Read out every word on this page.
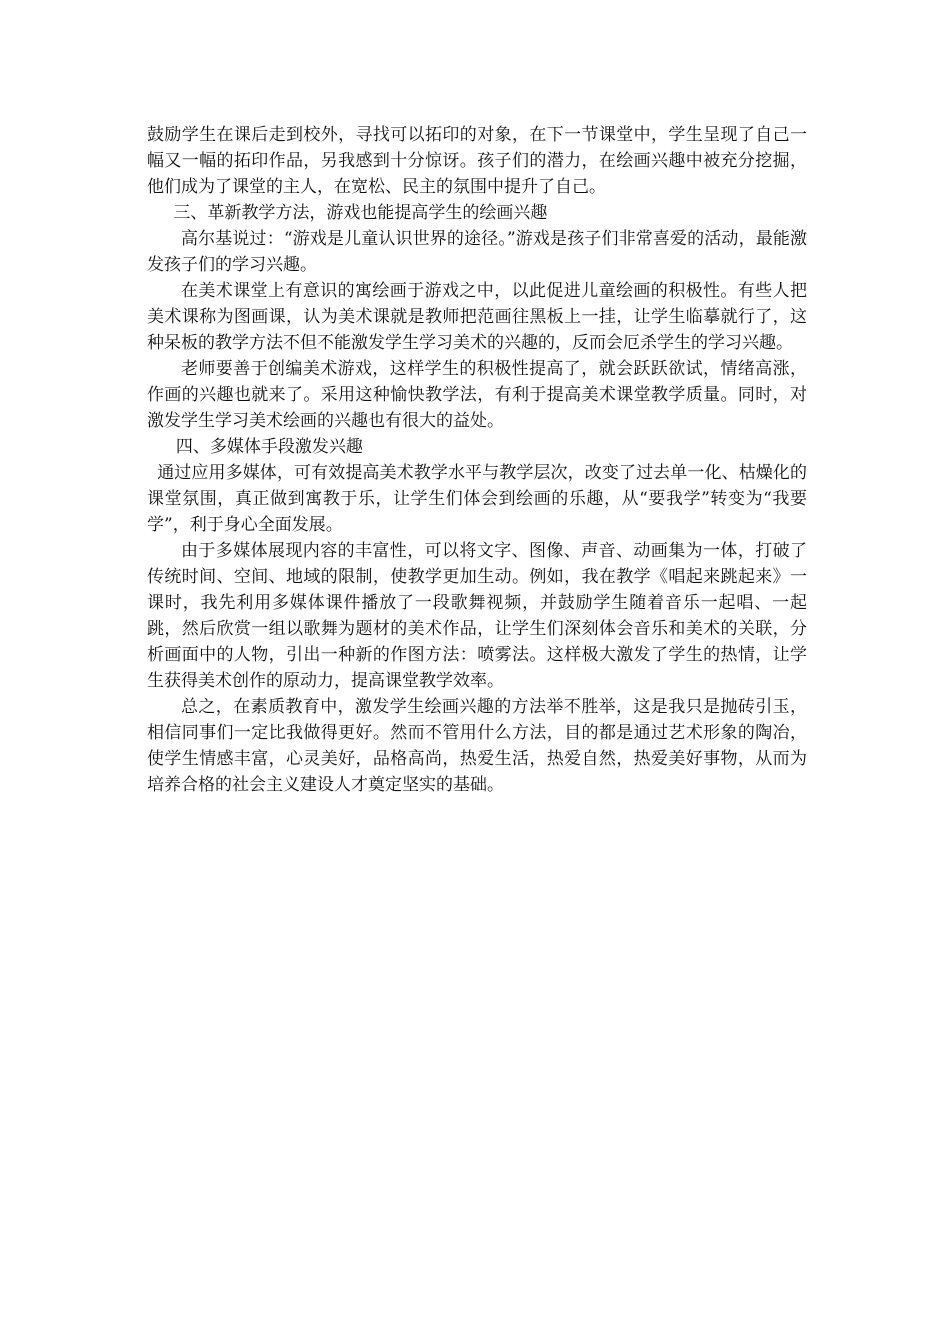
鼓励学生在课后走到校外，寻找可以拓印的对象，在下一节课堂中，学生呈现了自己一幅又一幅的拓印作品，另我感到十分惊讶。孩子们的潜力，在绘画兴趣中被充分挖掘，他们成为了课堂的主人，在宽松、民主的氛围中提升了自己。

三、革新教学方法，游戏也能提高学生的绘画兴趣

高尔基说过：“游戏是儿童认识世界的途径。”游戏是孩子们非常喜爱的活动，最能激发孩子们的学习兴趣。

在美术课堂上有意识的寓绘画于游戏之中，以此促进儿童绘画的积极性。有些人把美术课称为图画课，认为美术课就是教师把范画往黑板上一挂，让学生临摹就行了，这种呆板的教学方法不但不能激发学生学习美术的兴趣的，反而会厄杀学生的学习兴趣。

老师要善于创编美术游戏，这样学生的积极性提高了，就会跃跃欲试，情绪高涨，作画的兴趣也就来了。采用这种愉快教学法，有利于提高美术课堂教学质量。同时，对激发学生学习美术绘画的兴趣也有很大的益处。

四、多媒体手段激发兴趣

通过应用多媒体，可有效提高美术教学水平与教学层次，改变了过去单一化、枯燥化的课堂氛围，真正做到寓教于乐，让学生们体会到绘画的乐趣，从“要我学”转变为“我要学”，利于身心全面发展。

由于多媒体展现内容的丰富性，可以将文字、图像、声音、动画集为一体，打破了传统时间、空间、地域的限制，使教学更加生动。例如，我在教学《唱起来跳起来》一课时，我先利用多媒体课件播放了一段歌舞视频，并鼓励学生随着音乐一起唱、一起跳，然后欣赏一组以歌舞为题材的美术作品，让学生们深刻体会音乐和美术的关联，分析画面中的人物，引出一种新的作图方法：喷雾法。这样极大激发了学生的热情，让学生获得美术创作的原动力，提高课堂教学效率。

总之，在素质教育中，激发学生绘画兴趣的方法举不胜举，这是我只是抛砖引玉，相信同事们一定比我做得更好。然而不管用什么方法，目的都是通过艺术形象的陶冶，使学生情感丰富，心灵美好，品格高尚，热爱生活，热爱自然，热爱美好事物，从而为培养合格的社会主义建设人才奠定坚实的基础。
